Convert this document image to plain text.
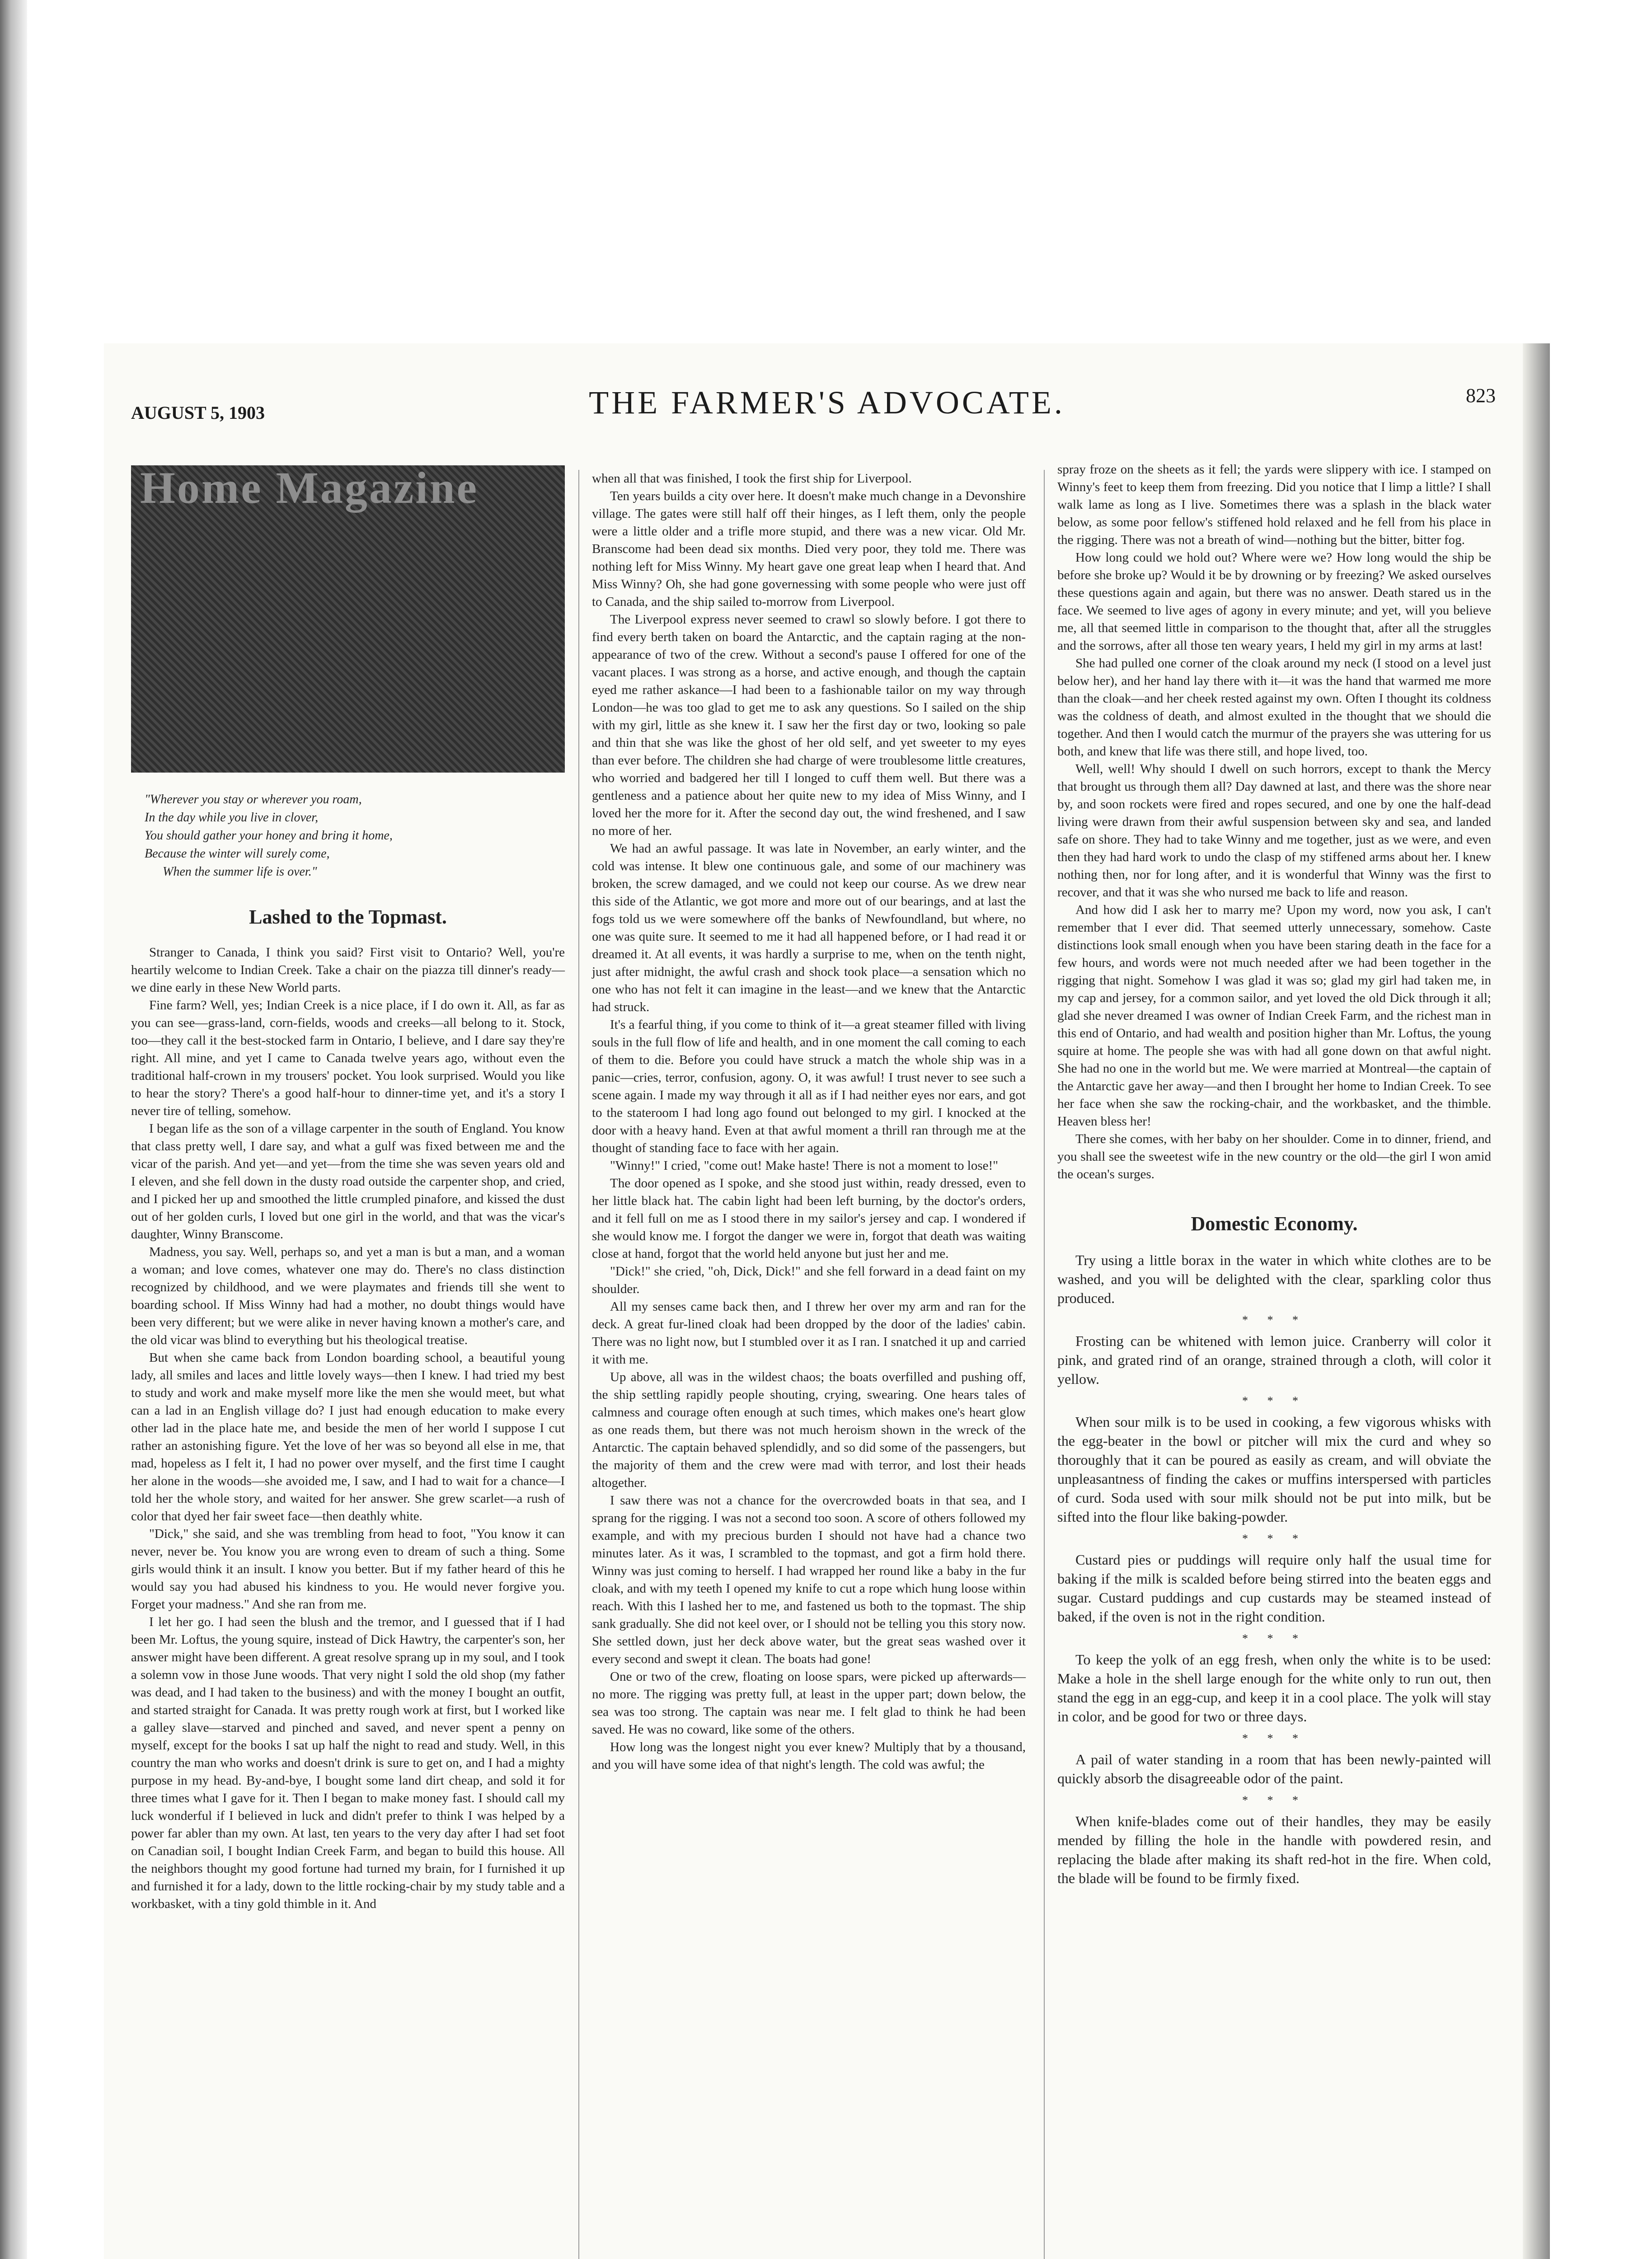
AUGUST 5, 1903	THE FARMER'S ADVOCATE.	823
Home Magazine

"Wherever you stay or wherever you roam,

In the day while you live in clover,

You should gather your honey and bring it home,

Because the winter will surely come,

When the summer life is over."

Lashed to the Topmast.

Stranger to Canada, I think you said? First visit to Ontario? Well, you're heartily welcome to Indian Creek. Take a chair on the piazza till dinner's ready—we dine early in these New World parts.

Fine farm? Well, yes; Indian Creek is a nice place, if I do own it. All, as far as you can see—grass-land, corn-fields, woods and creeks—all belong to it. Stock, too—they call it the best-stocked farm in Ontario, I believe, and I dare say they're right. All mine, and yet I came to Canada twelve years ago, without even the traditional half-crown in my trousers' pocket. You look surprised. Would you like to hear the story? There's a good half-hour to dinner-time yet, and it's a story I never tire of telling, somehow.

I began life as the son of a village carpenter in the south of England. You know that class pretty well, I dare say, and what a gulf was fixed between me and the vicar of the parish. And yet—and yet—from the time she was seven years old and I eleven, and she fell down in the dusty road outside the carpenter shop, and cried, and I picked her up and smoothed the little crumpled pinafore, and kissed the dust out of her golden curls, I loved but one girl in the world, and that was the vicar's daughter, Winny Branscome.

Madness, you say. Well, perhaps so, and yet a man is but a man, and a woman a woman; and love comes, whatever one may do. There's no class distinction recognized by childhood, and we were playmates and friends till she went to boarding school. If Miss Winny had had a mother, no doubt things would have been very different; but we were alike in never having known a mother's care, and the old vicar was blind to everything but his theological treatise.

But when she came back from London boarding school, a beautiful young lady, all smiles and laces and little lovely ways—then I knew. I had tried my best to study and work and make myself more like the men she would meet, but what can a lad in an English village do? I just had enough education to make every other lad in the place hate me, and beside the men of her world I suppose I cut rather an astonishing figure. Yet the love of her was so beyond all else in me, that mad, hopeless as I felt it, I had no power over myself, and the first time I caught her alone in the woods—she avoided me, I saw, and I had to wait for a chance—I told her the whole story, and waited for her answer. She grew scarlet—a rush of color that dyed her fair sweet face—then deathly white.

"Dick," she said, and she was trembling from head to foot, "You know it can never, never be. You know you are wrong even to dream of such a thing. Some girls would think it an insult. I know you better. But if my father heard of this he would say you had abused his kindness to you. He would never forgive you. Forget your madness." And she ran from me.

I let her go. I had seen the blush and the tremor, and I guessed that if I had been Mr. Loftus, the young squire, instead of Dick Hawtry, the carpenter's son, her answer might have been different. A great resolve sprang up in my soul, and I took a solemn vow in those June woods. That very night I sold the old shop (my father was dead, and I had taken to the business) and with the money I bought an outfit, and started straight for Canada. It was pretty rough work at first, but I worked like a galley slave—starved and pinched and saved, and never spent a penny on myself, except for the books I sat up half the night to read and study. Well, in this country the man who works and doesn't drink is sure to get on, and I had a mighty purpose in my head. By-and-bye, I bought some land dirt cheap, and sold it for three times what I gave for it. Then I began to make money fast. I should call my luck wonderful if I believed in luck and didn't prefer to think I was helped by a power far abler than my own. At last, ten years to the very day after I had set foot on Canadian soil, I bought Indian Creek Farm, and began to build this house. All the neighbors thought my good fortune had turned my brain, for I furnished it up and furnished it for a lady, down to the little rocking-chair by my study table and a workbasket, with a tiny gold thimble in it. And

when all that was finished, I took the first ship for Liverpool.

Ten years builds a city over here. It doesn't make much change in a Devonshire village. The gates were still half off their hinges, as I left them, only the people were a little older and a trifle more stupid, and there was a new vicar. Old Mr. Branscome had been dead six months. Died very poor, they told me. There was nothing left for Miss Winny. My heart gave one great leap when I heard that. And Miss Winny? Oh, she had gone governessing with some people who were just off to Canada, and the ship sailed to-morrow from Liverpool.

The Liverpool express never seemed to crawl so slowly before. I got there to find every berth taken on board the Antarctic, and the captain raging at the non-appearance of two of the crew. Without a second's pause I offered for one of the vacant places. I was strong as a horse, and active enough, and though the captain eyed me rather askance—I had been to a fashionable tailor on my way through London—he was too glad to get me to ask any questions. So I sailed on the ship with my girl, little as she knew it. I saw her the first day or two, looking so pale and thin that she was like the ghost of her old self, and yet sweeter to my eyes than ever before. The children she had charge of were troublesome little creatures, who worried and badgered her till I longed to cuff them well. But there was a gentleness and a patience about her quite new to my idea of Miss Winny, and I loved her the more for it. After the second day out, the wind freshened, and I saw no more of her.

We had an awful passage. It was late in November, an early winter, and the cold was intense. It blew one continuous gale, and some of our machinery was broken, the screw damaged, and we could not keep our course. As we drew near this side of the Atlantic, we got more and more out of our bearings, and at last the fogs told us we were somewhere off the banks of Newfoundland, but where, no one was quite sure. It seemed to me it had all happened before, or I had read it or dreamed it. At all events, it was hardly a surprise to me, when on the tenth night, just after midnight, the awful crash and shock took place—a sensation which no one who has not felt it can imagine in the least—and we knew that the Antarctic had struck.

It's a fearful thing, if you come to think of it—a great steamer filled with living souls in the full flow of life and health, and in one moment the call coming to each of them to die. Before you could have struck a match the whole ship was in a panic—cries, terror, confusion, agony. O, it was awful! I trust never to see such a scene again. I made my way through it all as if I had neither eyes nor ears, and got to the stateroom I had long ago found out belonged to my girl. I knocked at the door with a heavy hand. Even at that awful moment a thrill ran through me at the thought of standing face to face with her again.

"Winny!" I cried, "come out! Make haste! There is not a moment to lose!"

The door opened as I spoke, and she stood just within, ready dressed, even to her little black hat. The cabin light had been left burning, by the doctor's orders, and it fell full on me as I stood there in my sailor's jersey and cap. I wondered if she would know me. I forgot the danger we were in, forgot that death was waiting close at hand, forgot that the world held anyone but just her and me.

"Dick!" she cried, "oh, Dick, Dick!" and she fell forward in a dead faint on my shoulder.

All my senses came back then, and I threw her over my arm and ran for the deck. A great fur-lined cloak had been dropped by the door of the ladies' cabin. There was no light now, but I stumbled over it as I ran. I snatched it up and carried it with me.

Up above, all was in the wildest chaos; the boats overfilled and pushing off, the ship settling rapidly people shouting, crying, swearing. One hears tales of calmness and courage often enough at such times, which makes one's heart glow as one reads them, but there was not much heroism shown in the wreck of the Antarctic. The captain behaved splendidly, and so did some of the passengers, but the majority of them and the crew were mad with terror, and lost their heads altogether.

I saw there was not a chance for the overcrowded boats in that sea, and I sprang for the rigging. I was not a second too soon. A score of others followed my example, and with my precious burden I should not have had a chance two minutes later. As it was, I scrambled to the topmast, and got a firm hold there. Winny was just coming to herself. I had wrapped her round like a baby in the fur cloak, and with my teeth I opened my knife to cut a rope which hung loose within reach. With this I lashed her to me, and fastened us both to the topmast. The ship sank gradually. She did not keel over, or I should not be telling you this story now. She settled down, just her deck above water, but the great seas washed over it every second and swept it clean. The boats had gone!

One or two of the crew, floating on loose spars, were picked up afterwards—no more. The rigging was pretty full, at least in the upper part; down below, the sea was too strong. The captain was near me. I felt glad to think he had been saved. He was no coward, like some of the others.

How long was the longest night you ever knew? Multiply that by a thousand, and you will have some idea of that night's length. The cold was awful; the

spray froze on the sheets as it fell; the yards were slippery with ice. I stamped on Winny's feet to keep them from freezing. Did you notice that I limp a little? I shall walk lame as long as I live. Sometimes there was a splash in the black water below, as some poor fellow's stiffened hold relaxed and he fell from his place in the rigging. There was not a breath of wind—nothing but the bitter, bitter fog.

How long could we hold out? Where were we? How long would the ship be before she broke up? Would it be by drowning or by freezing? We asked ourselves these questions again and again, but there was no answer. Death stared us in the face. We seemed to live ages of agony in every minute; and yet, will you believe me, all that seemed little in comparison to the thought that, after all the struggles and the sorrows, after all those ten weary years, I held my girl in my arms at last!

She had pulled one corner of the cloak around my neck (I stood on a level just below her), and her hand lay there with it—it was the hand that warmed me more than the cloak—and her cheek rested against my own. Often I thought its coldness was the coldness of death, and almost exulted in the thought that we should die together. And then I would catch the murmur of the prayers she was uttering for us both, and knew that life was there still, and hope lived, too.

Well, well! Why should I dwell on such horrors, except to thank the Mercy that brought us through them all? Day dawned at last, and there was the shore near by, and soon rockets were fired and ropes secured, and one by one the half-dead living were drawn from their awful suspension between sky and sea, and landed safe on shore. They had to take Winny and me together, just as we were, and even then they had hard work to undo the clasp of my stiffened arms about her. I knew nothing then, nor for long after, and it is wonderful that Winny was the first to recover, and that it was she who nursed me back to life and reason.

And how did I ask her to marry me? Upon my word, now you ask, I can't remember that I ever did. That seemed utterly unnecessary, somehow. Caste distinctions look small enough when you have been staring death in the face for a few hours, and words were not much needed after we had been together in the rigging that night. Somehow I was glad it was so; glad my girl had taken me, in my cap and jersey, for a common sailor, and yet loved the old Dick through it all; glad she never dreamed I was owner of Indian Creek Farm, and the richest man in this end of Ontario, and had wealth and position higher than Mr. Loftus, the young squire at home. The people she was with had all gone down on that awful night. She had no one in the world but me. We were married at Montreal—the captain of the Antarctic gave her away—and then I brought her home to Indian Creek. To see her face when she saw the rocking-chair, and the workbasket, and the thimble. Heaven bless her!

There she comes, with her baby on her shoulder. Come in to dinner, friend, and you shall see the sweetest wife in the new country or the old—the girl I won amid the ocean's surges.

Domestic Economy.

Try using a little borax in the water in which white clothes are to be washed, and you will be delighted with the clear, sparkling color thus produced.

* * *

Frosting can be whitened with lemon juice. Cranberry will color it pink, and grated rind of an orange, strained through a cloth, will color it yellow.

* * *

When sour milk is to be used in cooking, a few vigorous whisks with the egg-beater in the bowl or pitcher will mix the curd and whey so thoroughly that it can be poured as easily as cream, and will obviate the unpleasantness of finding the cakes or muffins interspersed with particles of curd. Soda used with sour milk should not be put into milk, but be sifted into the flour like baking-powder.

* * *

Custard pies or puddings will require only half the usual time for baking if the milk is scalded before being stirred into the beaten eggs and sugar. Custard puddings and cup custards may be steamed instead of baked, if the oven is not in the right condition.

* * *

To keep the yolk of an egg fresh, when only the white is to be used: Make a hole in the shell large enough for the white only to run out, then stand the egg in an egg-cup, and keep it in a cool place. The yolk will stay in color, and be good for two or three days.

* * *

A pail of water standing in a room that has been newly-painted will quickly absorb the disagreeable odor of the paint.

* * *

When knife-blades come out of their handles, they may be easily mended by filling the hole in the handle with powdered resin, and replacing the blade after making its shaft red-hot in the fire. When cold, the blade will be found to be firmly fixed.
